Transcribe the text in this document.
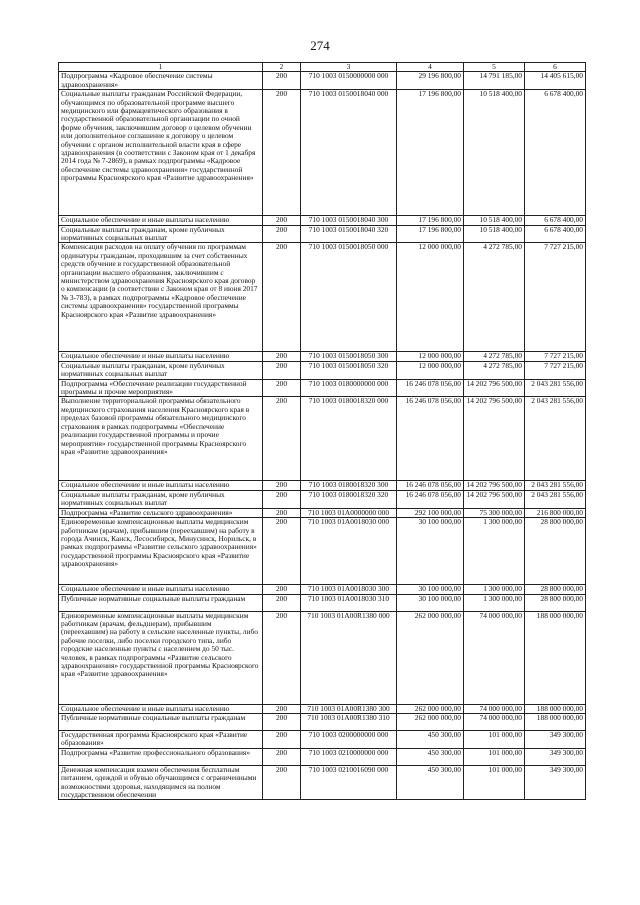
274
1	2	3	4	5	6
Подпрограмма «Кадровое обеспечение системы здравоохранения»	200	710 1003 0150000000 000	29 196 800,00	14 791 185,00	14 405 615,00
Социальные выплаты гражданам Российской Федерации, обучающимся по образовательной программе высшего медицинского или фармацевтического образования в государственной образовательной организации по очной форме обучения, заключившим договор о целевом обучении или дополнительное соглашение к договору о целевом обучении с органом исполнительной власти края в сфере здравоохранения (в соответствии с Законом края от 1 декабря 2014 года № 7-2869), в рамках подпрограммы «Кадровое обеспечение системы здравоохранения» государственной программы Красноярского края «Развитие здравоохранения»	200	710 1003 0150018040 000	17 196 800,00	10 518 400,00	6 678 400,00
Социальное обеспечение и иные выплаты населению	200	710 1003 0150018040 300	17 196 800,00	10 518 400,00	6 678 400,00
Социальные выплаты гражданам, кроме публичных нормативных социальных выплат	200	710 1003 0150018040 320	17 196 800,00	10 518 400,00	6 678 400,00
Компенсация расходов на оплату обучения по программам ординатуры гражданам, проходившим за счет собственных средств обучение в государственной образовательной организации высшего образования, заключившим с министерством здравоохранения Красноярского края договор о компенсации (в соответствии с Законом края от 8 июня 2017 № 3-783), в рамках подпрограммы «Кадровое обеспечение системы здравоохранения» государственной программы Красноярского края «Развитие здравоохранения»	200	710 1003 0150018050 000	12 000 000,00	4 272 785,00	7 727 215,00
Социальное обеспечение и иные выплаты населению	200	710 1003 0150018050 300	12 000 000,00	4 272 785,00	7 727 215,00
Социальные выплаты гражданам, кроме публичных нормативных социальных выплат	200	710 1003 0150018050 320	12 000 000,00	4 272 785,00	7 727 215,00
Подпрограмма «Обеспечение реализации государственной программы и прочие мероприятия»	200	710 1003 0180000000 000	16 246 078 056,00	14 202 796 500,00	2 043 281 556,00
Выполнение территориальной программы обязательного медицинского страхования населения Красноярского края в пределах базовой программы обязательного медицинского страхования в рамках подпрограммы «Обеспечение реализации государственной программы и прочие мероприятия» государственной программы Красноярского края «Развитие здравоохранения»	200	710 1003 0180018320 000	16 246 078 056,00	14 202 796 500,00	2 043 281 556,00
Социальное обеспечение и иные выплаты населению	200	710 1003 0180018320 300	16 246 078 056,00	14 202 796 500,00	2 043 281 556,00
Социальные выплаты гражданам, кроме публичных нормативных социальных выплат	200	710 1003 0180018320 320	16 246 078 056,00	14 202 796 500,00	2 043 281 556,00
Подпрограмма «Развитие сельского здравоохранения»	200	710 1003 01А0000000 000	292 100 000,00	75 300 000,00	216 800 000,00
Единовременные компенсационные выплаты медицинским работникам (врачам), прибывшим (переехавшим) на работу в города Ачинск, Канск, Лесосибирск, Минусинск, Норильск, в рамках подпрограммы «Развитие сельского здравоохранения» государственной программы Красноярского края «Развитие здравоохранения»	200	710 1003 01А0018030 000	30 100 000,00	1 300 000,00	28 800 000,00
Социальное обеспечение и иные выплаты населению	200	710 1003 01А0018030 300	30 100 000,00	1 300 000,00	28 800 000,00
Публичные нормативные социальные выплаты гражданам	200	710 1003 01А0018030 310	30 100 000,00	1 300 000,00	28 800 000,00
Единовременные компенсационные выплаты медицинским работникам (врачам, фельдшерам), прибывшим (переехавшим) на работу в сельские населенные пункты, либо рабочие поселки, либо поселки городского типа, либо городские населенные пункты с населением до 50 тыс. человек, в рамках подпрограммы «Развитие сельского здравоохранения» государственной программы Красноярского края «Развитие здравоохранения»	200	710 1003 01А00R1380 000	262 000 000,00	74 000 000,00	188 000 000,00
Социальное обеспечение и иные выплаты населению	200	710 1003 01А00R1380 300	262 000 000,00	74 000 000,00	188 000 000,00
Публичные нормативные социальные выплаты гражданам	200	710 1003 01А00R1380 310	262 000 000,00	74 000 000,00	188 000 000,00
Государственная программа Красноярского края «Развитие образования»	200	710 1003 0200000000 000	450 300,00	101 000,00	349 300,00
Подпрограмма «Развитие профессионального образования»	200	710 1003 0210000000 000	450 300,00	101 000,00	349 300,00
Денежная компенсация взамен обеспечения бесплатным питанием, одеждой и обувью обучающимся с ограниченными возможностями здоровья, находящимся на полном государственном обеспечении	200	710 1003 0210016090 000	450 300,00	101 000,00	349 300,00
